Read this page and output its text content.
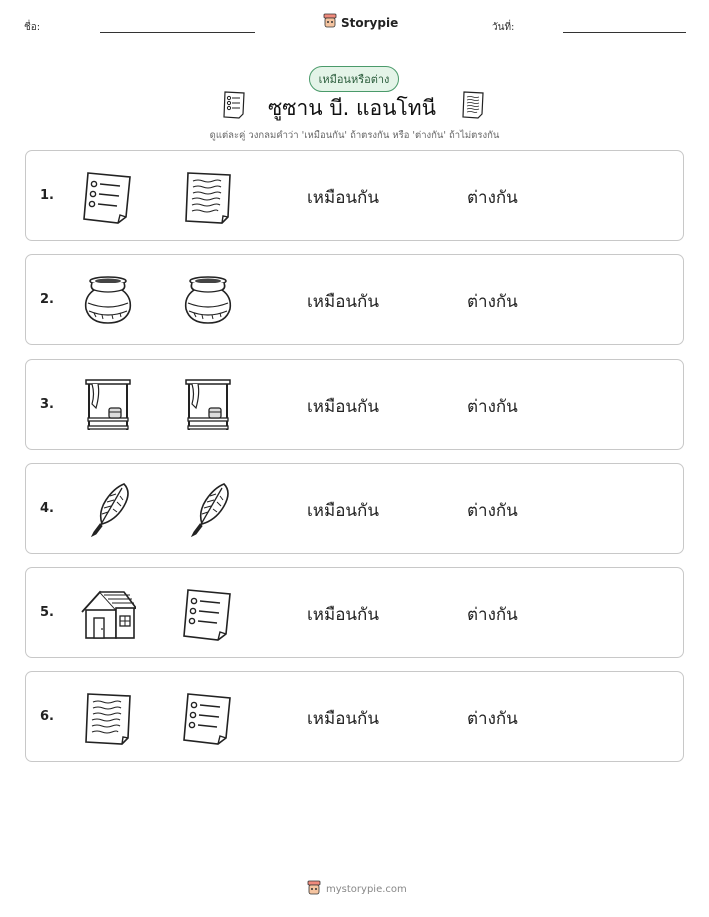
ชื่อ:	Storypie	วันที่:
เหมือนหรือต่าง
ซูซาน บี. แอนโทนี
ดูแต่ละคู่ วงกลมคำว่า 'เหมือนกัน' ถ้าตรงกัน หรือ 'ต่างกัน' ถ้าไม่ตรงกัน
1.	เหมือนกัน	ต่างกัน
2.	เหมือนกัน	ต่างกัน
3.	เหมือนกัน	ต่างกัน
4.	เหมือนกัน	ต่างกัน
5.	เหมือนกัน	ต่างกัน
6.	เหมือนกัน	ต่างกัน
mystorypie.com
